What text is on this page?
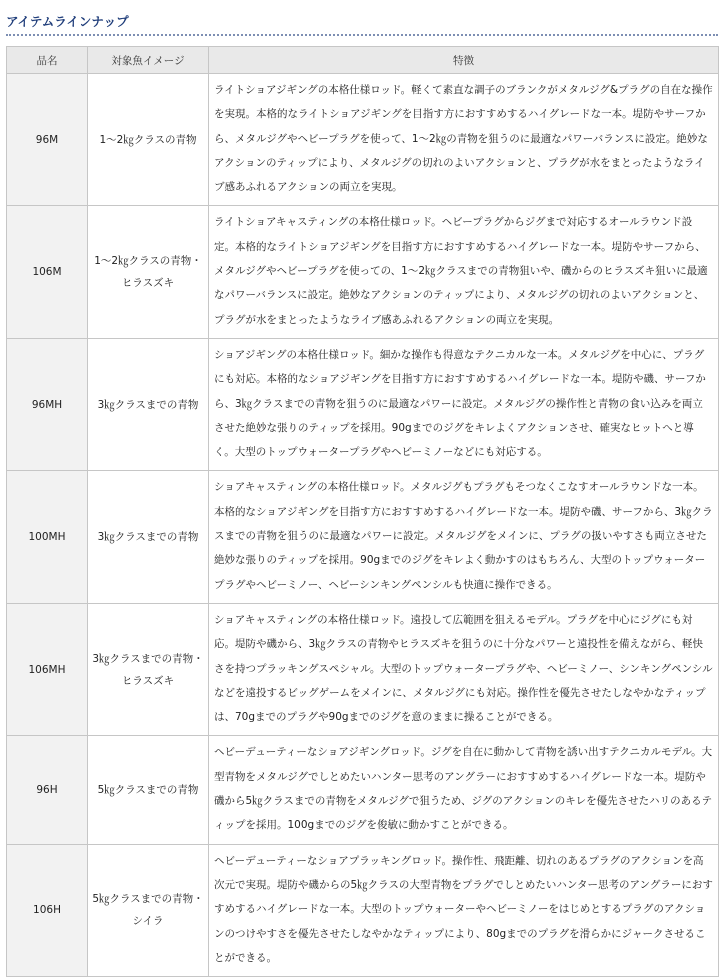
アイテムラインナップ
品名	対象魚イメージ	特徴
96M	1～2㎏クラスの青物	ライトショアジギングの本格仕様ロッド。軽くて素直な調子のブランクがメタルジグ&プラグの自在な操作を実現。本格的なライトショアジギングを目指す方におすすめするハイグレードな一本。堤防やサーフから、メタルジグやヘビープラグを使って、1～2㎏の青物を狙うのに最適なパワーバランスに設定。絶妙なアクションのティップにより、メタルジグの切れのよいアクションと、プラグが水をまとったようなライブ感あふれるアクションの両立を実現。
106M	1～2㎏クラスの青物・ヒラスズキ	ライトショアキャスティングの本格仕様ロッド。ヘビープラグからジグまで対応するオールラウンド設定。本格的なライトショアジギングを目指す方におすすめするハイグレードな一本。堤防やサーフから、メタルジグやヘビープラグを使っての、1～2㎏クラスまでの青物狙いや、磯からのヒラスズキ狙いに最適なパワーバランスに設定。絶妙なアクションのティップにより、メタルジグの切れのよいアクションと、プラグが水をまとったようなライブ感あふれるアクションの両立を実現。
96MH	3㎏クラスまでの青物	ショアジギングの本格仕様ロッド。細かな操作も得意なテクニカルな一本。メタルジグを中心に、プラグにも対応。本格的なショアジギングを目指す方におすすめするハイグレードな一本。堤防や磯、サーフから、3㎏クラスまでの青物を狙うのに最適なパワーに設定。メタルジグの操作性と青物の食い込みを両立させた絶妙な張りのティップを採用。90gまでのジグをキレよくアクションさせ、確実なヒットへと導く。大型のトップウォータープラグやヘビーミノーなどにも対応する。
100MH	3㎏クラスまでの青物	ショアキャスティングの本格仕様ロッド。メタルジグもプラグもそつなくこなすオールラウンドな一本。本格的なショアジギングを目指す方におすすめするハイグレードな一本。堤防や磯、サーフから、3㎏クラスまでの青物を狙うのに最適なパワーに設定。メタルジグをメインに、プラグの扱いやすさも両立させた絶妙な張りのティップを採用。90gまでのジグをキレよく動かすのはもちろん、大型のトップウォータープラグやヘビーミノー、ヘビーシンキングペンシルも快適に操作できる。
106MH	3㎏クラスまでの青物・ヒラスズキ	ショアキャスティングの本格仕様ロッド。遠投して広範囲を狙えるモデル。プラグを中心にジグにも対応。堤防や磯から、3㎏クラスの青物やヒラスズキを狙うのに十分なパワーと遠投性を備えながら、軽快さを持つプラッキングスペシャル。大型のトップウォータープラグや、ヘビーミノー、シンキングペンシルなどを遠投するビッグゲームをメインに、メタルジグにも対応。操作性を優先させたしなやかなティップは、70gまでのプラグや90gまでのジグを意のままに操ることができる。
96H	5㎏クラスまでの青物	ヘビーデューティーなショアジギングロッド。ジグを自在に動かして青物を誘い出すテクニカルモデル。大型青物をメタルジグでしとめたいハンター思考のアングラーにおすすめするハイグレードな一本。堤防や磯から5㎏クラスまでの青物をメタルジグで狙うため、ジグのアクションのキレを優先させたハリのあるティップを採用。100gまでのジグを俊敏に動かすことができる。
106H	5㎏クラスまでの青物・シイラ	ヘビーデューティーなショアプラッキングロッド。操作性、飛距離、切れのあるプラグのアクションを高次元で実現。堤防や磯からの5㎏クラスの大型青物をプラグでしとめたいハンター思考のアングラーにおすすめするハイグレードな一本。大型のトップウォーターやヘビーミノーをはじめとするプラグのアクションのつけやすさを優先させたしなやかなティップにより、80gまでのプラグを滑らかにジャークさせることができる。
